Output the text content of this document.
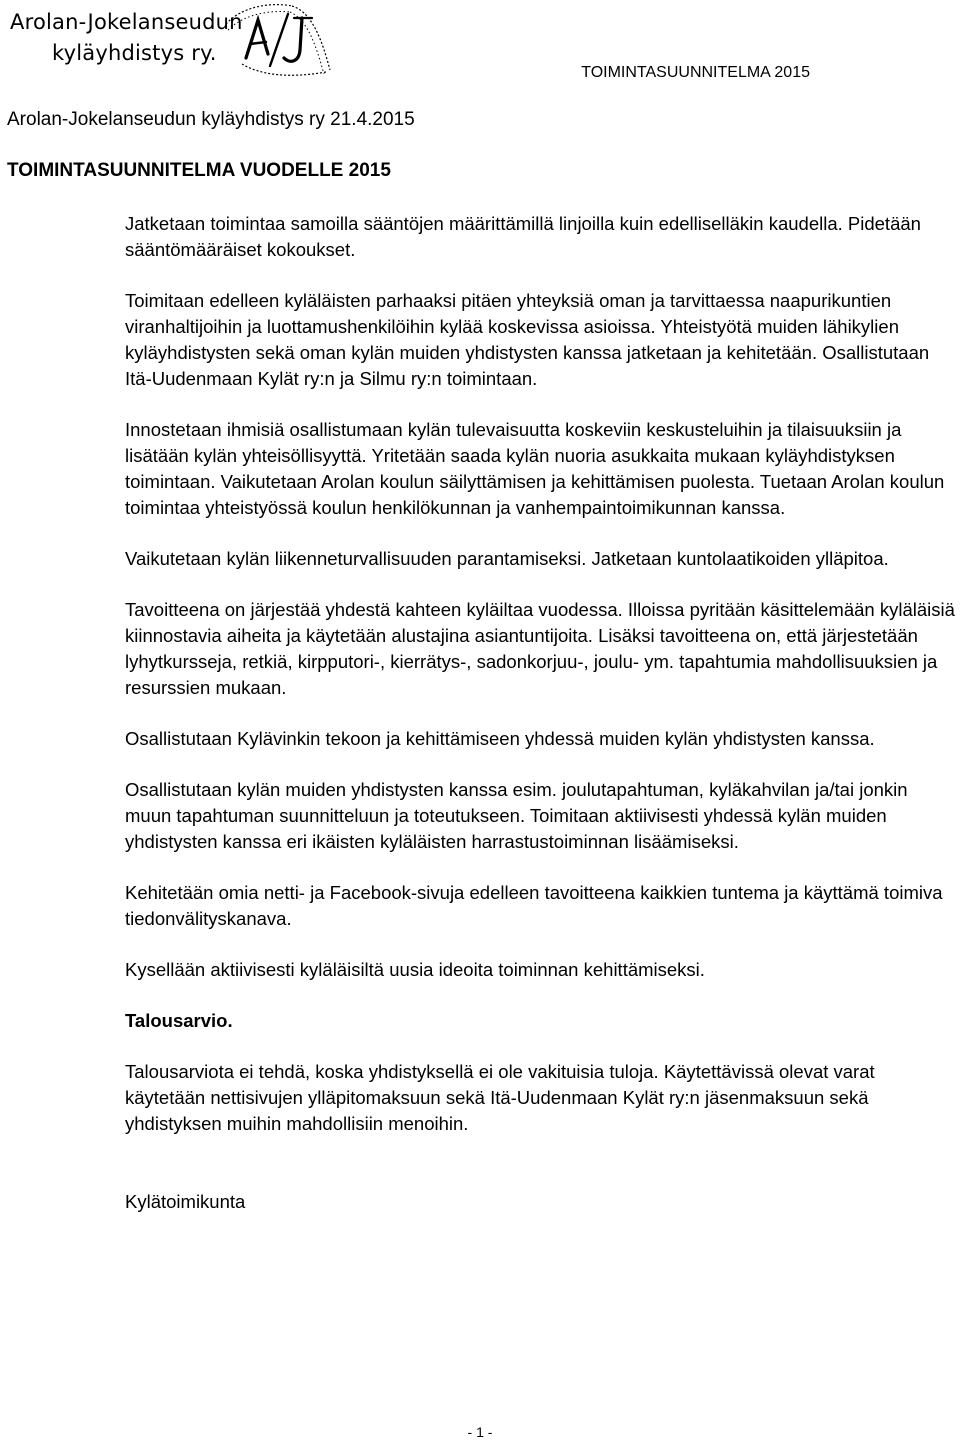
Arolan-Jokelanseudun
kyläyhdistys ry.
TOIMINTASUUNNITELMA 2015
Arolan-Jokelanseudun kyläyhdistys ry 21.4.2015
TOIMINTASUUNNITELMA VUODELLE 2015

Jatketaan toimintaa samoilla sääntöjen määrittämillä linjoilla kuin edelliselläkin kaudella. Pidetään sääntömääräiset kokoukset.

Toimitaan edelleen kyläläisten parhaaksi pitäen yhteyksiä oman ja tarvittaessa naapurikuntien viranhaltijoihin ja luottamushenkilöihin kylää koskevissa asioissa. Yhteistyötä muiden lähikylien kyläyhdistysten sekä oman kylän muiden yhdistysten kanssa jatketaan ja kehitetään. Osallistutaan Itä-Uudenmaan Kylät ry:n ja Silmu ry:n toimintaan.

Innostetaan ihmisiä osallistumaan kylän tulevaisuutta koskeviin keskusteluihin ja tilaisuuksiin ja lisätään kylän yhteisöllisyyttä. Yritetään saada kylän nuoria asukkaita mukaan kyläyhdistyksen toimintaan. Vaikutetaan Arolan koulun säilyttämisen ja kehittämisen puolesta. Tuetaan Arolan koulun toimintaa yhteistyössä koulun henkilökunnan ja vanhempaintoimikunnan kanssa.

Vaikutetaan kylän liikenneturvallisuuden parantamiseksi. Jatketaan kuntolaatikoiden ylläpitoa.

Tavoitteena on järjestää yhdestä kahteen kyläiltaa vuodessa. Illoissa pyritään käsittelemään kyläläisiä kiinnostavia aiheita ja käytetään alustajina asiantuntijoita. Lisäksi tavoitteena on, että järjestetään lyhytkursseja, retkiä, kirpputori-, kierrätys-, sadonkorjuu-, joulu- ym. tapahtumia mahdollisuuksien ja resurssien mukaan.

Osallistutaan Kylävinkin tekoon ja kehittämiseen yhdessä muiden kylän yhdistysten kanssa.

Osallistutaan kylän muiden yhdistysten kanssa esim. joulutapahtuman, kyläkahvilan ja/tai jonkin muun tapahtuman suunnitteluun ja toteutukseen. Toimitaan aktiivisesti yhdessä kylän muiden yhdistysten kanssa eri ikäisten kyläläisten harrastustoiminnan lisäämiseksi.

Kehitetään omia netti- ja Facebook-sivuja edelleen tavoitteena kaikkien tuntema ja käyttämä toimiva tiedonvälityskanava.

Kysellään aktiivisesti kyläläisiltä uusia ideoita toiminnan kehittämiseksi.

Talousarvio.

Talousarviota ei tehdä, koska yhdistyksellä ei ole vakituisia tuloja. Käytettävissä olevat varat käytetään nettisivujen ylläpitomaksuun sekä Itä-Uudenmaan Kylät ry:n jäsenmaksuun sekä yhdistyksen muihin mahdollisiin menoihin.

Kylätoimikunta

- 1 -
